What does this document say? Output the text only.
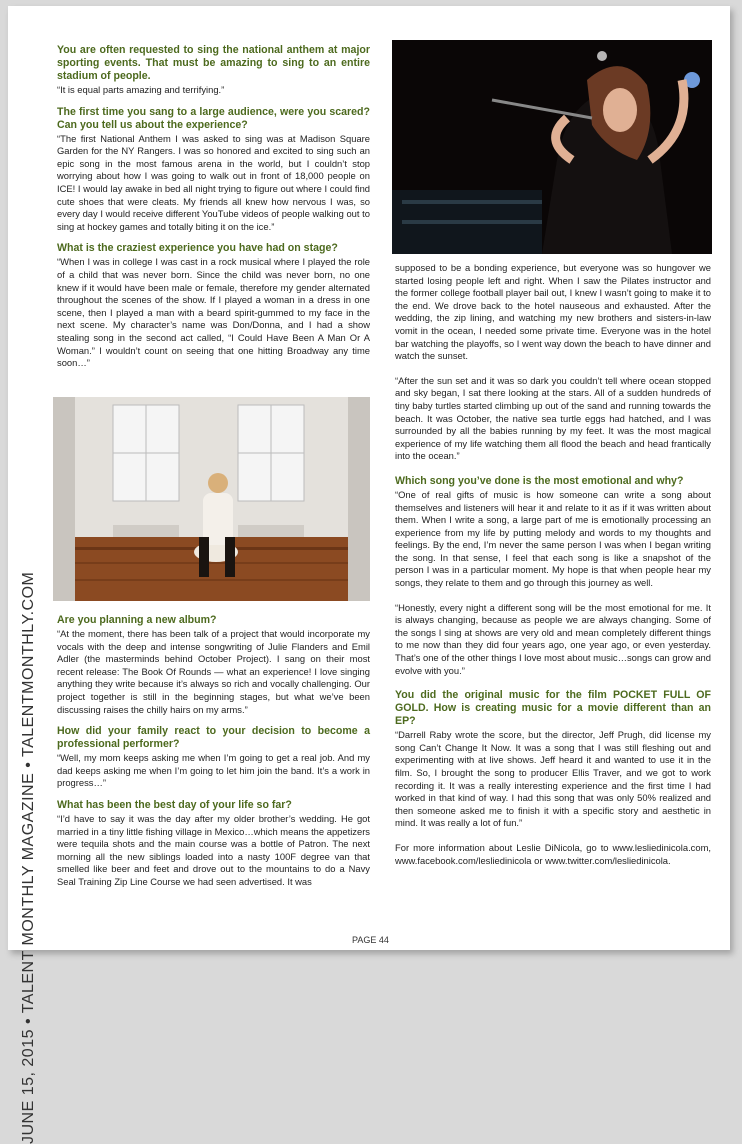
JUNE 15, 2015 • TALENT MONTHLY MAGAZINE • TALENTMONTHLY.COM

You are often requested to sing the national anthem at major sporting events. That must be amazing to sing to an entire stadium of people.

“It is equal parts amazing and terrifying.”

The first time you sang to a large audience, were you scared? Can you tell us about the experience?

“The first National Anthem I was asked to sing was at Madison Square Garden for the NY Rangers. I was so honored and excited to sing such an epic song in the most famous arena in the world, but I couldn’t stop worrying about how I was going to walk out in front of 18,000 people on ICE! I would lay awake in bed all night trying to figure out where I could find cute shoes that were cleats. My friends all knew how nervous I was, so every day I would receive different YouTube videos of people walking out to sing at hockey games and totally biting it on the ice.”

What is the craziest experience you have had on stage?

“When I was in college I was cast in a rock musical where I played the role of a child that was never born. Since the child was never born, no one knew if it would have been male or female, therefore my gender alternated throughout the scenes of the show. If I played a woman in a dress in one scene, then I played a man with a beard spirit-gummed to my face in the next scene. My character’s name was Don/Donna, and I had a show stealing song in the second act called, “I Could Have Been A Man Or A Woman.” I wouldn’t count on seeing that one hitting Broadway any time soon…”

Are you planning a new album?

“At the moment, there has been talk of a project that would incorporate my vocals with the deep and intense songwriting of Julie Flanders and Emil Adler (the masterminds behind October Project). I sang on their most recent release: The Book Of Rounds — what an experience! I love singing anything they write because it’s always so rich and vocally challenging. Our project together is still in the beginning stages, but what we’ve been discussing raises the chilly hairs on my arms.”

How did your family react to your decision to become a professional performer?

“Well, my mom keeps asking me when I’m going to get a real job. And my dad keeps asking me when I’m going to let him join the band. It’s a work in progress…”

What has been the best day of your life so far?

“I’d have to say it was the day after my older brother’s wedding. He got married in a tiny little fishing village in Mexico…which means the appetizers were tequila shots and the main course was a bottle of Patron. The next morning all the new siblings loaded into a nasty 100F degree van that smelled like beer and feet and drove out to the mountains to do a Navy Seal Training Zip Line Course we had seen advertised. It was

supposed to be a bonding experience, but everyone was so hungover we started losing people left and right. When I saw the Pilates instructor and the former college football player bail out, I knew I wasn’t going to make it to the end. We drove back to the hotel nauseous and exhausted. After the wedding, the zip lining, and watching my new brothers and sisters-in-law vomit in the ocean, I needed some private time. Everyone was in the hotel bar watching the playoffs, so I went way down the beach to have dinner and watch the sunset.

“After the sun set and it was so dark you couldn’t tell where ocean stopped and sky began, I sat there looking at the stars. All of a sudden hundreds of tiny baby turtles started climbing up out of the sand and running towards the beach. It was October, the native sea turtle eggs had hatched, and I was surrounded by all the babies running by my feet. It was the most magical experience of my life watching them all flood the beach and head frantically into the ocean.”

Which song you’ve done is the most emotional and why?

“One of real gifts of music is how someone can write a song about themselves and listeners will hear it and relate to it as if it was written about them. When I write a song, a large part of me is emotionally processing an experience from my life by putting melody and words to my thoughts and feelings. By the end, I’m never the same person I was when I began writing the song. In that sense, I feel that each song is like a snapshot of the person I was in a particular moment. My hope is that when people hear my songs, they relate to them and go through this journey as well.

“Honestly, every night a different song will be the most emotional for me. It is always changing, because as people we are always changing. Some of the songs I sing at shows are very old and mean completely different things to me now than they did four years ago, one year ago, or even yesterday. That’s one of the other things I love most about music…songs can grow and evolve with you.”

You did the original music for the film POCKET FULL OF GOLD. How is creating music for a movie different than an EP?

“Darrell Raby wrote the score, but the director, Jeff Prugh, did license my song Can’t Change It Now. It was a song that I was still fleshing out and experimenting with at live shows. Jeff heard it and wanted to use it in the film. So, I brought the song to producer Ellis Traver, and we got to work recording it. It was a really interesting experience and the first time I had worked in that kind of way. I had this song that was only 50% realized and then someone asked me to finish it with a specific story and aesthetic in mind. It was really a lot of fun.”

For more information about Leslie DiNicola, go to www.lesliedinicola.com, www.facebook.com/lesliedinicola or www.twitter.com/lesliedinicola.

PAGE 44
